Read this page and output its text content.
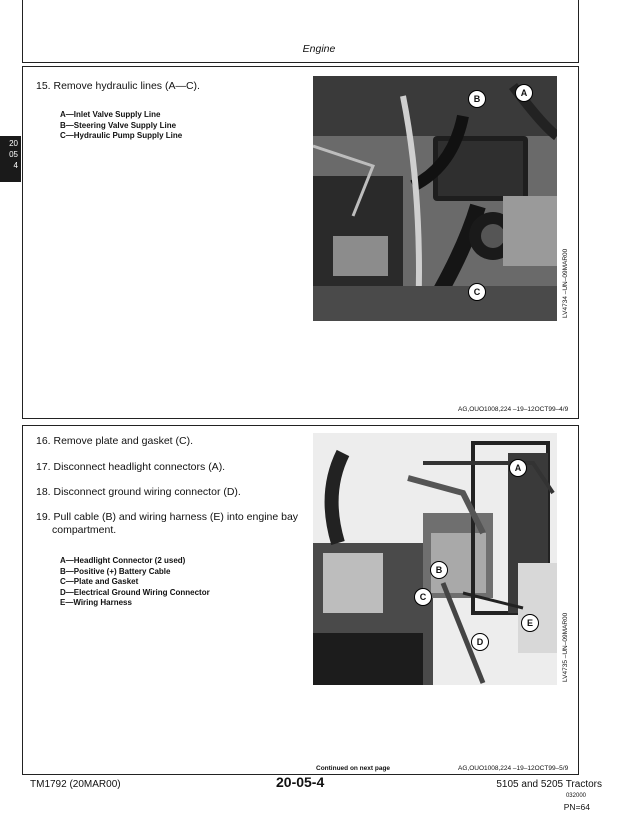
Engine
20
05
4
15. Remove hydraulic lines (A—C).
A—Inlet Valve Supply Line
B—Steering Valve Supply Line
C—Hydraulic Pump Supply Line
A
B
C	LV4734 –UN–09MAR00
AG,OUO1008,224 –19–12OCT99–4/9
16. Remove plate and gasket (C).
17. Disconnect headlight connectors (A).
18. Disconnect ground wiring connector (D).
19. Pull cable (B) and wiring harness (E) into engine bay
compartment.
A—Headlight Connector (2 used)
B—Positive (+) Battery Cable
C—Plate and Gasket
D—Electrical Ground Wiring Connector
E—Wiring Harness
A
B
C
D
E	LV4735 –UN–09MAR00
Continued on next page	AG,OUO1008,224 –19–12OCT99–5/9
TM1792 (20MAR00)	20-05-4	5105 and 5205 Tractors
032000
PN=64
